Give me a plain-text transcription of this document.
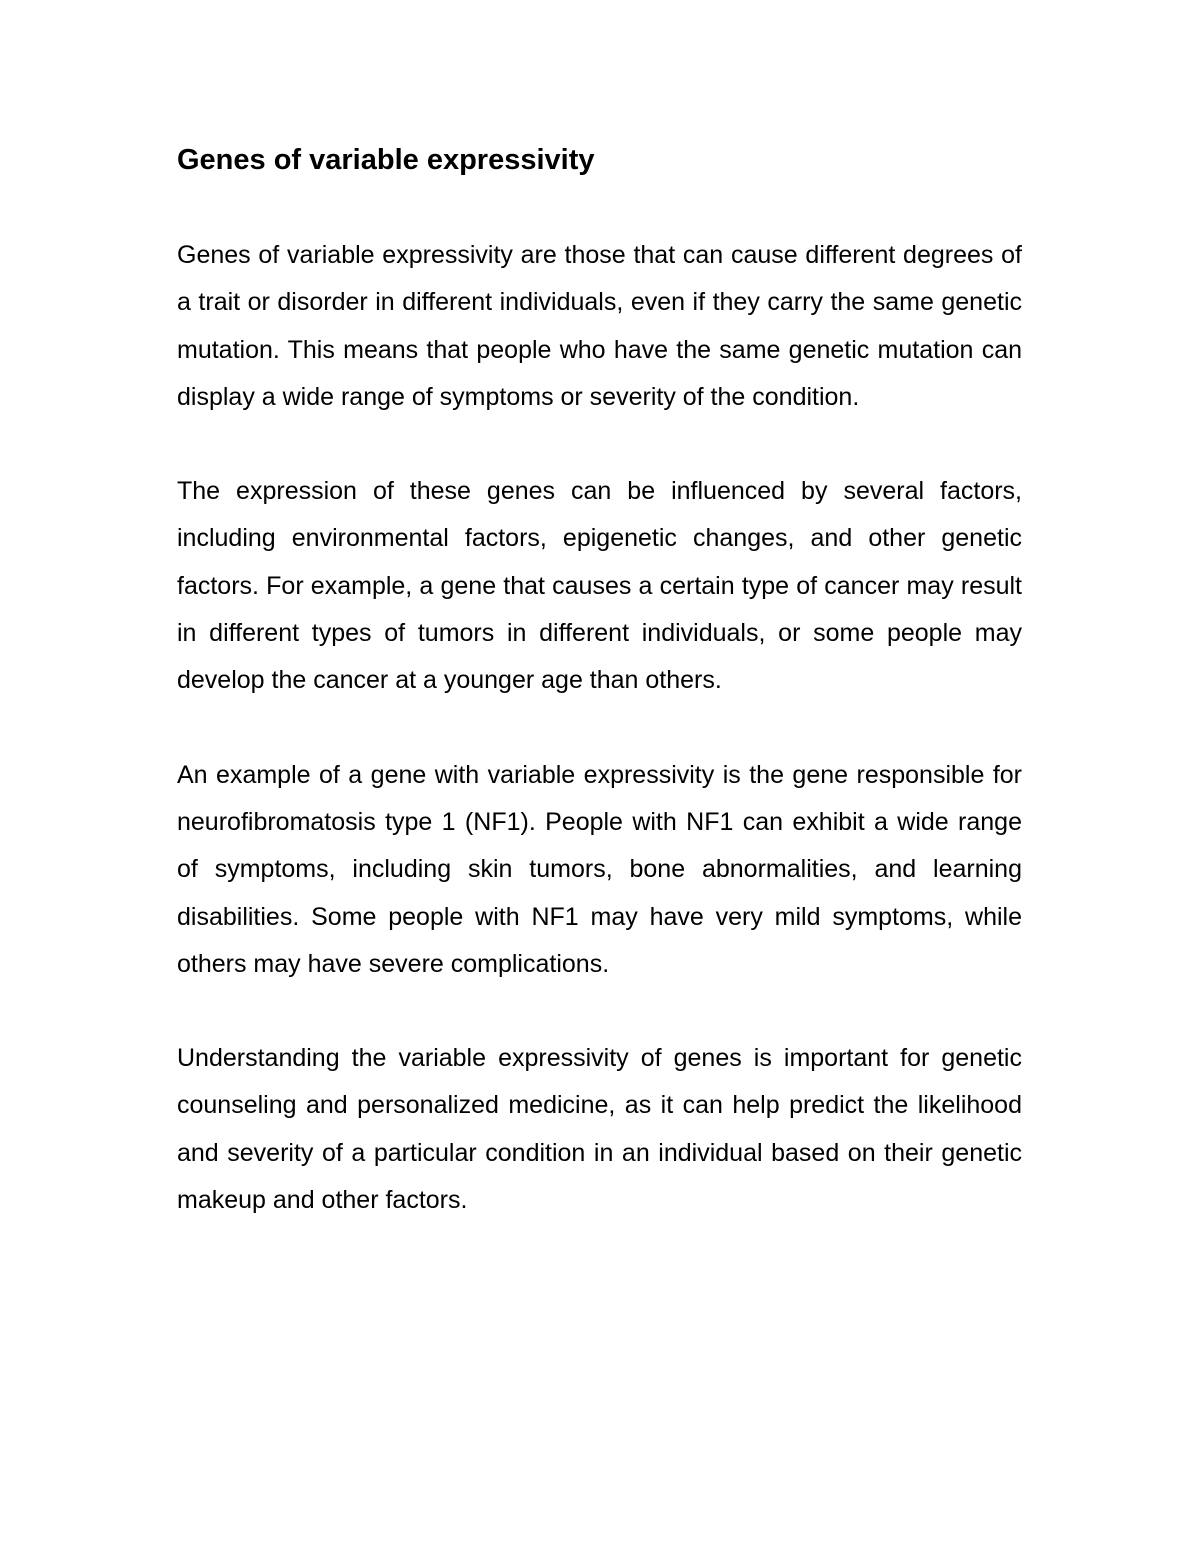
Genes of variable expressivity

Genes of variable expressivity are those that can cause different degrees of a trait or disorder in different individuals, even if they carry the same genetic mutation. This means that people who have the same genetic mutation can display a wide range of symptoms or severity of the condition.

The expression of these genes can be influenced by several factors, including environmental factors, epigenetic changes, and other genetic factors. For example, a gene that causes a certain type of cancer may result in different types of tumors in different individuals, or some people may develop the cancer at a younger age than others.

An example of a gene with variable expressivity is the gene responsible for neurofibromatosis type 1 (NF1). People with NF1 can exhibit a wide range of symptoms, including skin tumors, bone abnormalities, and learning disabilities. Some people with NF1 may have very mild symptoms, while others may have severe complications.

Understanding the variable expressivity of genes is important for genetic counseling and personalized medicine, as it can help predict the likelihood and severity of a particular condition in an individual based on their genetic makeup and other factors.
